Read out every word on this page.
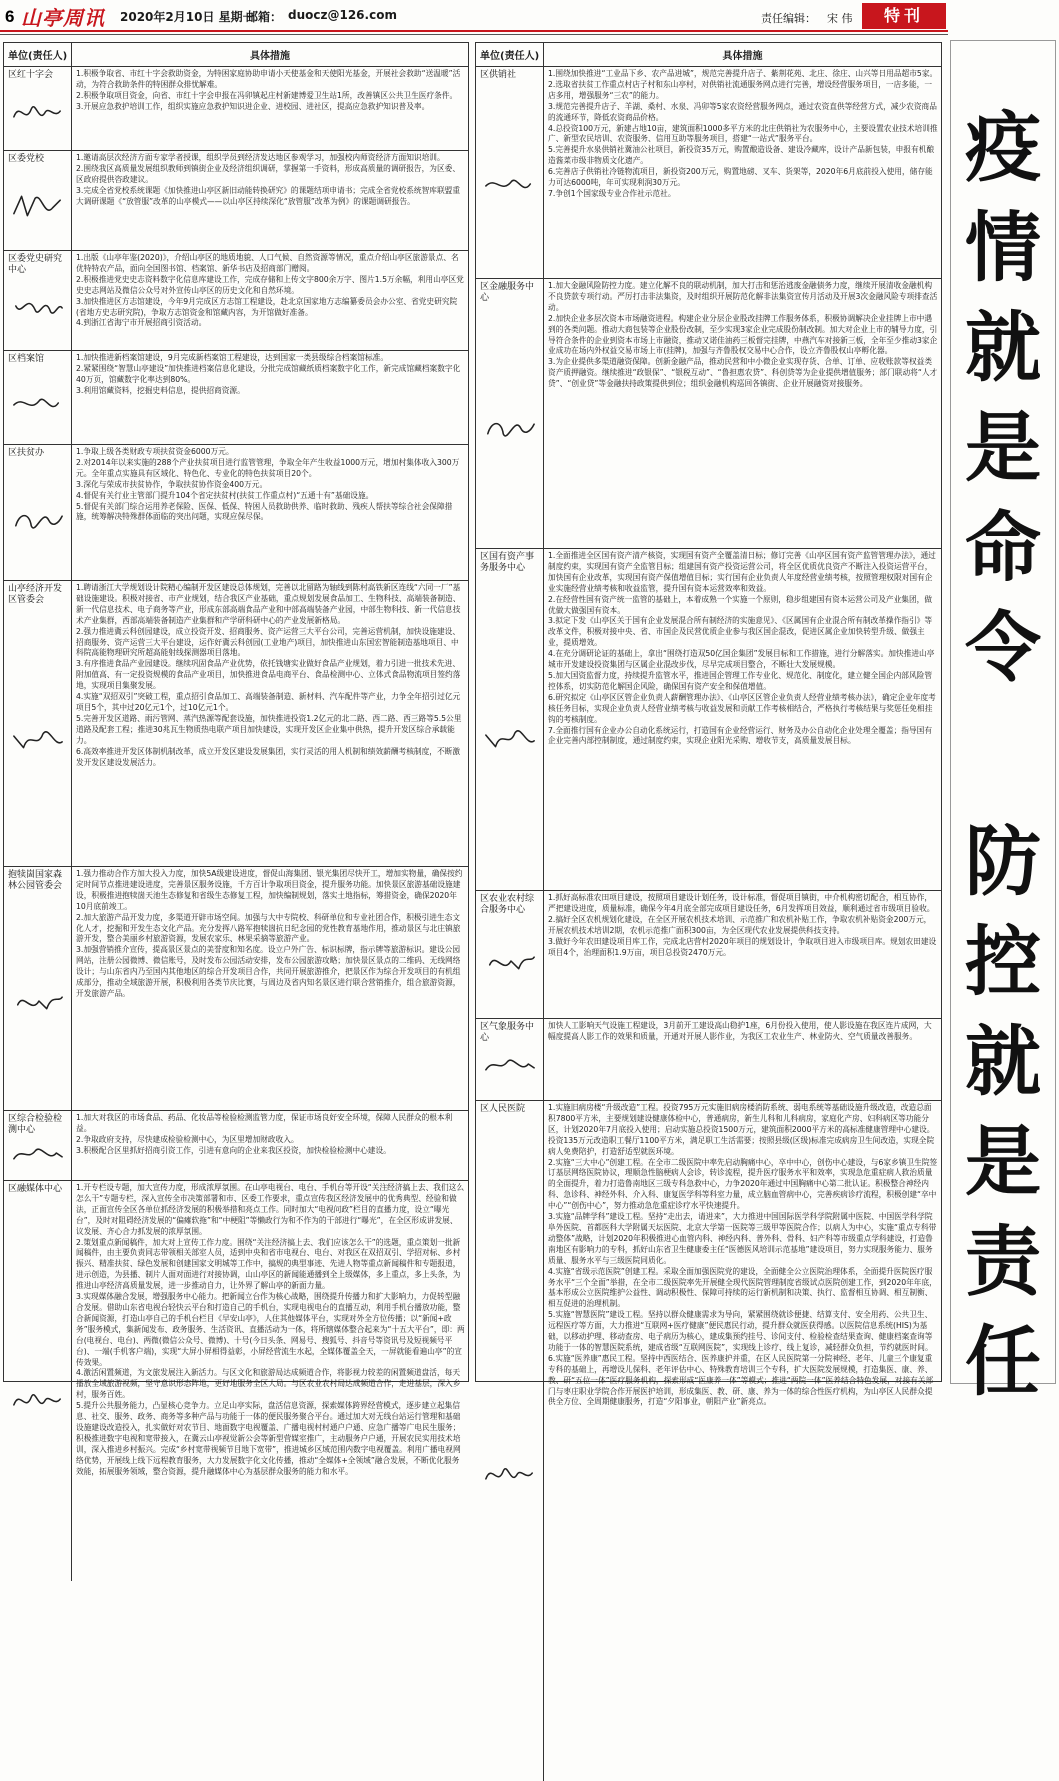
6 山亭周讯 2020年2月10日 星期一
邮箱： duocz@126.com	责任编辑： 宋 伟	特刊
单位(责任人)	具体措施
区红十字会	1.积极争取省、市红十字会救助资金，为特困家庭协助申请小天使基金和天使阳光基金，开展社会救助“送温暖”活动，为符合救助条件的特困群众排忧解难。
2.积极争取项目资金，向省、市红十字会申报在冯卯镇起庄村新建博爱卫生站1所，改善镇区公共卫生医疗条件。
3.开展应急救护培训工作，组织实施应急救护知识进企业、进校园、进社区，提高应急救护知识普及率。
区委党校	1.邀请高层次经济方面专家学者授课，组织学员到经济发达地区参观学习，加强校内师资经济方面知识培训。
2.围绕我区高质量发展组织教师到镇街企业及经济组织调研，掌握第一手资料，形成高质量的调研报告，为区委、区政府提供咨政建议。
3.完成全省党校系统课题《加快推进山亭区新旧动能转换研究》的课题结项申请书；完成全省党校系统智库联盟重大调研课题《“放管服”改革的山亭模式——以山亭区持续深化“放管服”改革为例》的课题调研报告。
区委党史研究中心
1.出版《山亭年鉴(2020)》，介绍山亭区的地质地貌、人口气候、自然资源等情况，重点介绍山亭区旅游景点、名优特特农产品，面向全国图书馆、档案馆、新华书店及招商部门赠阅。
2.积极推进党史史志资料数字化信息库建设工作，完成存储和上传文字800余万字、图片1.5万余幅，利用山亭区党史史志网站及微信公众号对外宣传山亭区的历史文化和自然环境。
3.加快推进区方志馆建设，今年9月完成区方志馆工程建设，赴北京国家地方志编纂委员会办公室、省党史研究院(省地方史志研究院)，争取方志馆资金和馆藏内容，为开馆做好准备。
4.到浙江省海宁市开展招商引资活动。
区档案馆	1.加快推进新档案馆建设，9月完成新档案馆工程建设，达到国家一类县级综合档案馆标准。
2.紧紧围绕“智慧山亭建设”加快推进档案信息化建设，分批完成馆藏纸质档案数字化工作，新完成馆藏档案数字化40万页，馆藏数字化率达到80%。
3.利用馆藏资料，挖掘史料信息，提供招商资源。
区扶贫办	1.争取上级各类财政专项扶贫资金6000万元。
2.对2014年以来实施的288个产业扶贫项目进行监管管理，争取全年产生收益1000万元，增加村集体收入300万元。全年重点实施具有区域化、特色化、专业化的特色扶贫项目20个。
3.深化与荣成市扶贫协作，争取扶贫协作资金400万元。
4.督促有关行业主管部门提升104个省定扶贫村(扶贫工作重点村)“五通十有”基础设施。
5.督促有关部门综合运用养老保险、医保、低保、特困人员救助供养、临时救助、残疾人帮扶等综合社会保障措施，统筹解决特殊群体面临的突出问题，实现应保尽保。
山亭经济开发区管委会
1.聘请浙江大学规划设计院精心编制开发区建设总体规划，完善以北留路为轴线到陈村高铁新区连线“六同一厂”基础设施建设。积极对接省、市产业规划，结合我区产业基础，重点规划发展食品加工、生物科技、高端装备制造、新一代信息技术、电子商务等产业，形成东部高端食品产业和中部高端装备产业园，中部生物科技、新一代信息技术产业集群，西部高端装备制造产业集群和产学研科研中心的产业发展新格局。
2.强力推进冀云科创园建设，成立投资开发、招商服务、资产运营三大平台公司，完善运营机制，加快设施建设、招商服务、资产运营三大平台建设，运作好冀云科创园(工业地产)项目，加快推进山东国宏智能制造基地项目、中科院高能物理研究所超高能射线探测器项目落地。
3.有序推进食品产业园建设。继续巩固食品产业优势，依托钱塘实业做好食品产业规划，着力引进一批技术先进、附加值高、有一定投资规模的食品产业项目，加快推进食品电商平台、食品检测中心、立体式食品物流项目签约落地，实现项目集聚发展。
4.实施“双招双引”突破工程，重点招引食品加工、高端装备制造、新材料、汽车配件等产业，力争全年招引过亿元项目5个，其中过20亿元1个，过10亿元1个。
5.完善开发区道路、雨污管网、蒸汽热源等配套设施，加快推进投资1.2亿元的北二路、西二路、西三路等5.5公里道路及配套工程；推进30兆瓦生物质热电联产项目加快建设，实现开发区企业集中供热，提升开发区综合承载能力。
6.高效率推进开发区体制机制改革，成立开发区建设发展集团，实行灵活的用人机制和绩效薪酬考核制度，不断激发开发区建设发展活力。
抱犊崮国家森林公园管委会
1.强力推动合作方加大投入力度，加快5A级建设进度，督促山海集团、银光集团尽快开工，增加实物量，确保按约定时间节点推进建设进度，完善景区服务设施，千方百计争取项目资金，提升服务功能。加快景区旅游基础设施建设，积极推进抱犊崮天池生态修复和省级生态修复工程，加快编制规划，落实土地指标，筹措资金，确保2020年10月底前竣工。
2.加大旅游产品开发力度，多渠道开辟市场空间。加强与大中专院校、科研单位和专业社团合作，积极引进生态文化人才，挖掘和开发生态文化产品。充分发挥八路军抱犊崮抗日纪念园的党性教育基地作用，推动景区与北庄镇旅游开发，整合美丽乡村旅游资源，发展农家乐、林果采摘等旅游产业。
3.加强营销推介宣传，提高景区景点的美誉度和知名度。设立户外广告、标识标牌，指示牌等旅游标识。建设公园网站，注册公园微博、微信账号，及时发布公园活动安排，发布公园旅游攻略；加快景区景点的二维码、无线网络设计；与山东省内乃至国内其他地区的综合开发项目合作，共同开展旅游推介，把景区作为综合开发项目的有机组成部分，推动全域旅游开展，积极利用各类节庆比赛，与周边及省内知名景区进行联合营销推介，组合旅游资源，开发旅游产品。
区综合检验检测中心
1.加大对我区的市场食品、药品、化妆品等检验检测监管力度，保证市场良好安全环境，保障人民群众的根本利益。
2.争取政府支持，尽快建成检验检测中心，为区里增加财政收入。
3.积极配合区里抓好招商引资工作，引进有意向的企业来我区投资，加快检验检测中心建设。
区融媒体中心	1.开专栏设专题，加大宣传力度，形成浓厚氛围。在山亭电视台、电台、手机台等开设“关注经济搞上去、我们这么怎么干”专题专栏，深入宣传全市决策部署和市、区委工作要求，重点宣传我区经济发展中的优秀典型、经验和做法，正面宣传全区各单位抓经济发展的积极举措和亮点工作。同时加大“电视问政”栏目的直播力度，设立“曝光台”，及时对阻碍经济发展的“偏瘫软拖”和“中梗阻”等懒政行为和不作为的干部进行“曝光”，在全区形成讲发展、议发展、齐心合力抓发展的浓厚氛围。
2.策划重点新闻稿件，加大对上宣传工作力度。围绕“关注经济搞上去、我们应该怎么干”的选题，重点策划一批新闻稿件，由主要负责同志带领相关部室人员，适到中央和省市电视台、电台、对我区在双招双引、学招对标、乡村振兴、精准扶贫、绿色发展和创建国家文明城等工作中，搞规的典型事迹、先进人物等重点新闻稿件和专题报道，进示创造，为县播、制片人面对面进行对接协调，山山亭区的新闻能通播到全上级媒体，多上重点，多上头条，为推进山亭经济高质量发展，进一步推动自力，让外界了解山亭的新面力量。
3.实现媒体融合发展，增强服务中心能力。把新闻立台作为核心战略，围绕提升传播力和扩大影响力，力促转型融合发展。借助山东省电视台轻快云平台和打造自己的手机台，实现电视电台的直播互动，利用手机台播放功能，整合新闻资源，打造山亭自己的手机台栏目《早安山亭》，人住其他媒体平台，实现对外全方位传播；以“新闻+政务”服务模式，集新闻发布、政务服务、生活资讯、直播活动为一体，将所辖媒体整合起来为“十五大平台”，即：两台(电视台、电台)、两微(微信公众号、微博)、十号(今日头条、网易号、搜狐号、抖音号等资讯号及短视频号平台)、一端(手机客户端)，实现“大屏小屏相得益彰，小屏经营流生水起，全媒体覆盖全天，一屏就能看遍山亭”的宣传效果。
4.激活闲置频道，为文旅发展注入新活力。与区文化和旅游局达成频道合作，将影视力较差的闲置频道盘活，每天播放全域旅游视频，坚守意识形态阵地，更好地服务全区大局。与区农业农村局达成频道合作，走进基层，深入乡村，服务百姓。
5.提升公共服务能力，凸显核心竞争力。立足山亭实际，盘活信息资源，探索媒体跨界经营模式，逐步建立起集信息、社交、服务、政务、商务等多种产品与功能于一体的便民服务聚合平台。通过加大对无线台站运行管理和基础设施建设改造投入，扎实做好对农节目、地面数字电视覆盖、广播电视村村通户户通、应急广播等广电民生服务；积极推进数字电视和宽带接入，在冀云山亭视觉新公会等新型营媒室推广，主动服务户户通，开展农民实用技术培训，深入推进乡村振兴。完成“乡村宽带视频节目地下宽带”，推进城乡区域范围内数字电视覆盖。利用广播电视网络优势，开展线上线下远程教育服务，大力发展数字化文化传播，推动“全媒体+全领域”融合发展，不断优化服务效能，拓展服务领域，整合资源，提升融媒体中心为基层群众服务的能力和水平。
单位(责任人)	具体措施
区供销社	1.围绕加快推进“工业品下乡、农产品进城”，规范完善提升店子、紫荆花苑、北庄、徐庄、山兴等日用品超市5家。
2.选取省扶贫工作重点村店子村和东山亭村，对供销社流通服务网点进行完善，增设经营服务项目，一店多能，一店多用，增强服务“三农”的能力。
3.规范完善提升店子、羊湖、桑村、水泉、冯卯等5家农资经营服务网点，通过农资直供等经营方式，减少农资商品的流通环节，降低农资商品价格。
4.总投资100万元，新建占地10亩，建筑面积1000多平方米的北庄供销社为农服务中心，主要设置农业技术培训推广、新型农民培训、农资服务、信用互助等服务项目，搭建“一站式”服务平台。
5.完善提升水泉供销社冀油公社项目，新投资35万元，购置酿造设备、建设冷藏库，设计产品新包装，申报有机酿造酱菜市级非物质文化遗产。
6.完善店子供销社冷链物流项目，新投资200万元，购置地磅、叉车、货架等，2020年6月底前投入使用，储存能力可达6000吨，年可实现利润30万元。
7.争创1个国家级专业合作社示范社。
区金融服务中心
1.加大金融风险防控力度。建立化解不良的联动机制，加大打击和惩治逃废金融债务力度，继续开展清收金融机构不良贷款专项行动。严厉打击非法集资，及时组织开展防范化解非法集资宣传月活动及开展3次金融风险专项排查活动。
2.加快企业多层次资本市场融资进程。构建企业分层企业股改挂牌工作服务体系，积极协调解决企业挂牌上市中遇到的各类问题。推动大商包装等企业股份改制，至少实现3家企业完成股份制改制。加大对企业上市的辅导力度，引导符合条件的企业到资本市场上市融资，推动又诺佳油药三板督完挂牌，中燕汽车对接新三板，全年至少推动3家企业成功在场内外权益交易市场上市(挂牌)，加强与齐鲁股权交易中心合作，设立齐鲁股权山亭孵化器。
3.为企业提供多渠道融资保障。创新金融产品，推动民营和中小微企业实现存货、合单、订单、应收账款等权益类资产质押融资。继续推进“政银保”、“银税互动”、“鲁担惠农贷”、科创贷等为企业提供增值服务；部门联动将“人才贷”、“创业贷”等金融扶持政策提供到位；组织金融机构巡回各镇街、企业开展融资对接服务。
区国有资产事务服务中心
1.全面推进全区国有资产清产核资，实现国有资产全覆盖清日标；修订完善《山亭区国有资产监管管理办法》，通过制度约束，实现国有资产全监管目标；组建国有资产投资运营公司，将全区优质优良资产不断注入投资运营平台，加快国有企业改革，实现国有资产保值增值目标；实行国有企业负责人年度经营业绩考核，按照管理权限对国有企业实施经营业绩考核和收益监管，提升国有资本运营效率和效益。
2.在经营性国有资产统一监管的基础上，本着成熟一个实施一个原则，稳步组建国有资本运营公司及产业集团，做优做大做强国有资本。
3.拟定下发《山亭区关于国有企业发展混合所有制经济的实施意见》、《区属国有企业混合所有制改革操作指引》等改革文件，积极对接中央、省、市国企及民营优质企业参与我区国企混改，促进区属企业加快转型升级、做强主业，提质增效。
4.在充分调研论证的基础上，拿出“围绕打造双50亿国企集团”发展目标和工作措施，进行分解落实。加快推进山亭城市开发建设投资集团与区属企业混改步伐，尽早完成项目整合，不断壮大发展规模。
5.加大国资监督力度，持续提升监管水平，推进国企管理工作专业化、规范化、制度化，建立健全国企内部风险管控体系，切实防范化解国企风险，确保国有资产安全和保值增值。
6.研究拟定《山亭区区管企业负责人薪酬管理办法》、《山亭区区管企业负责人经营业绩考核办法》，确定企业年度考核任务目标，实现企业负责人经营业绩考核与收益发展和贡献工作考核相结合，严格执行考核结果与奖惩任免相挂钩的考核制度。
7.全面推行国有企业办公自动化系统运行，打造国有企业经营运行、财务及办公自动化企业处理全覆盖；指导国有企业完善内部控制制度，通过制度约束，实现企业阳光采购、增收节支，高质量发展目标。
区农业农村综合服务中心
1.抓好高标准农田项目建设，按照项目建设计划任务，设计标准，督促项目镇街，中介机构密切配合，相互协作，严把建设进度，质量标准，确保今年4月底全部完成项目建设任务，6月发挥项目效益，顺利通过省市级项目验收。
2.搞好全区农机规划化建设，在全区开展农机技术培训、示范推广和农机补贴工作，争取农机补贴资金200万元，开展农机技术培训2期，农机示范推广面积300亩，为全区现代农业发展提供科技支持。
3.做好今年农田建设项目库工作，完成北店营村2020年项目的规划设计，争取项目进入市级项目库。规划农田建设项目4个，治理面积1.9万亩，项目总投资2470万元。
区气象服务中心
加快人工影响天气设施工程建设，3月前开工建设高山稳护1座，6月份投入使用，使人影设施在我区连片成网，大幅度提高人影工作的效果和质量，开通对开展人影作业，为我区工农业生产、林业防火、空气质量改善服务。
区人民医院	1.实施旧病房楼“升级改造”工程。投资795万元实施旧病房楼消防系统、弱电系统等基础设施升级改造，改造总面积7800平方米，主要规划建设健康体检中心，普通病房，新生儿科和儿科病房，家庭化产房、妇科病区等功能分区，计划2020年7月底投入使用；启动实施总投资1500万元，建筑面积2000平方米的高标准健康管理中心建设。投资135万元改造职工餐厅1100平方米，满足职工生活需要；按照县级(区级)标准完成病房卫生间改造，实现全院病人免费陪护，打造舒适型就医环境。
2.实施“三大中心”创建工程。在全市二级医院中率先启动胸痛中心，卒中中心，创伤中心建设，与6家乡镇卫生院签订基层网络医院协议，理顺急性脑梗病人会诊，转诊流程，提升医疗服务水平和效率，实现急危重症病人救治质量的全面提升，着力打造鲁南地区三级专科急救中心，力争2020年通过中国胸痛中心第二批认证。积极整合神经内科、急诊科、神经外科、介入科、康复医学科等科室力量，成立脑血管病中心，完善疾病诊疗流程，积极创建“卒中中心”“创伤中心”，努力推动急危重症诊疗水平快速提升。
3.实施“品牌学科”建设工程。坚持“走出去，请进来”，大力推进中国国际医学科学院附属中医院、中国医学科学院阜外医院、首都医科大学附属天坛医院、北京大学第一医院等三级甲等医院合作；以病人为中心，实施“重点专科带动整体”战略，计划2020年积极推进心血管内科、神经内科、普外科、骨科、妇产科等市级重点学科建设，打造鲁南地区有影响力的专科，抓好山东省卫生健康委主任“医德医风培训示范基地”建设项目，努力实现服务能力、服务质量、服务水平与三级医院同质化。
4.实施“省级示范医院”创建工程。采取全面加强医院党的建设，全面健全公立医院治理体系，全面提升医院医疗服务水平“三个全面”举措，在全市二级医院率先开展健全现代医院管理制度省级试点医院创建工作，到2020年年底，基本形成公立医院维护公益性、调动积极性、保障可持续的运行新机制和决策、执行、监督相互协调、相互制衡、相互促进的治理机制。
5.实施“智慧医院”建设工程。坚持以群众健康需求为导向，紧紧围绕就诊便捷、结算支付、安全用药、公共卫生、远程医疗等方面，大力推进“互联网+医疗健康”便民惠民行动，提升群众就医获得感。以医院信息系统(HIS)为基础，以移动护理、移动查房、电子病历为核心，建成集预约挂号、诊间支付、检验检查结果查询、健康档案查询等功能于一体的智慧医院系统，建成省级“互联网医院”，实现线上诊疗、线上复诊，减轻群众负担，节约就医时间。
6.实施“医养康”惠民工程。坚持中西医结合、医养康护并重，在区人民医院第一分院神经、老年、儿童三个康复重专科的基础上，再增设儿保科、老年评估中心、特殊教育培训三个专科，扩大医院发展规模，打造集医、康、养、教、研“五位一体”医疗服务机构，探索形成“医康养一体”等模式；推进“两院一体”医养结合特色发展，对接有关部门与枣庄职业学院合作开展医护培训，形成集医、教、研、康、养为一体的综合性医疗机构，为山亭区人民群众提供全方位、全周期健康服务，打造“夕阳事业，朝阳产业”新亮点。
疫
情
就
是
命
令
防
控
就
是
责
任
